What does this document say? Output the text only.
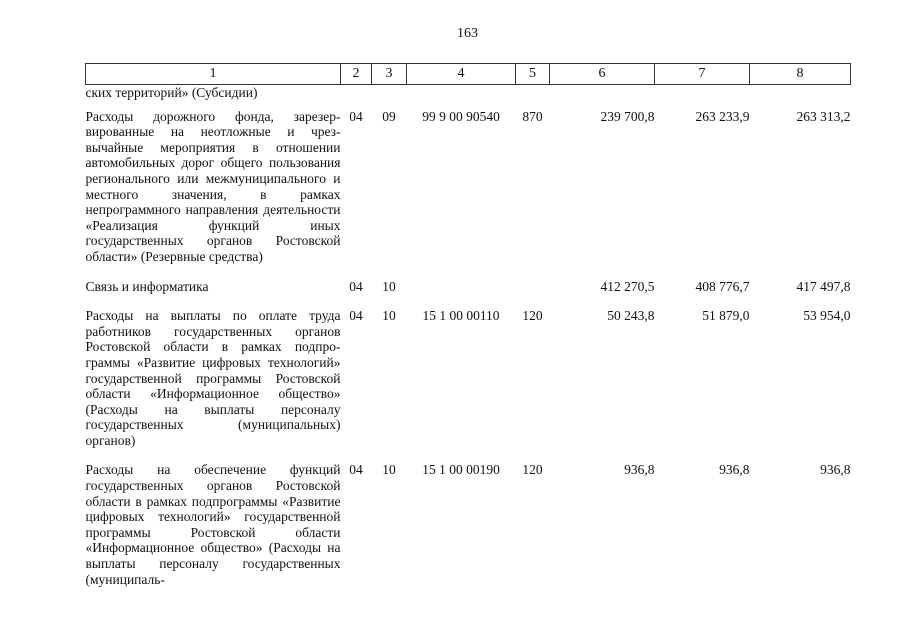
163
1	2	3	4	5	6	7	8
ских территорий» (Субсидии)							
Расходы дорожного фонда, зарезервированные на неотложные и чрезвычайные мероприятия в отношении автомобильных дорог общего пользования регионального или межмуниципального и местного значения, в рамках непрограммного направления деятельности «Реализация функций иных государственных органов Ростовской области» (Резервные средства)	04	09	99 9 00 90540	870	239 700,8	263 233,9	263 313,2
Связь и информатика	04	10			412 270,5	408 776,7	417 497,8
Расходы на выплаты по оплате труда работников государственных органов Ростовской области в рамках подпрограммы «Развитие цифровых технологий» государственной программы Ростовской области «Информационное общество» (Расходы на выплаты персоналу государственных (муниципальных) органов)	04	10	15 1 00 00110	120	50 243,8	51 879,0	53 954,0
Расходы на обеспечение функций государственных органов Ростовской области в рамках подпрограммы «Развитие цифровых технологий» государственной программы Ростовской области «Информационное общество» (Расходы на выплаты персоналу государственных (муниципаль-	04	10	15 1 00 00190	120	936,8	936,8	936,8
